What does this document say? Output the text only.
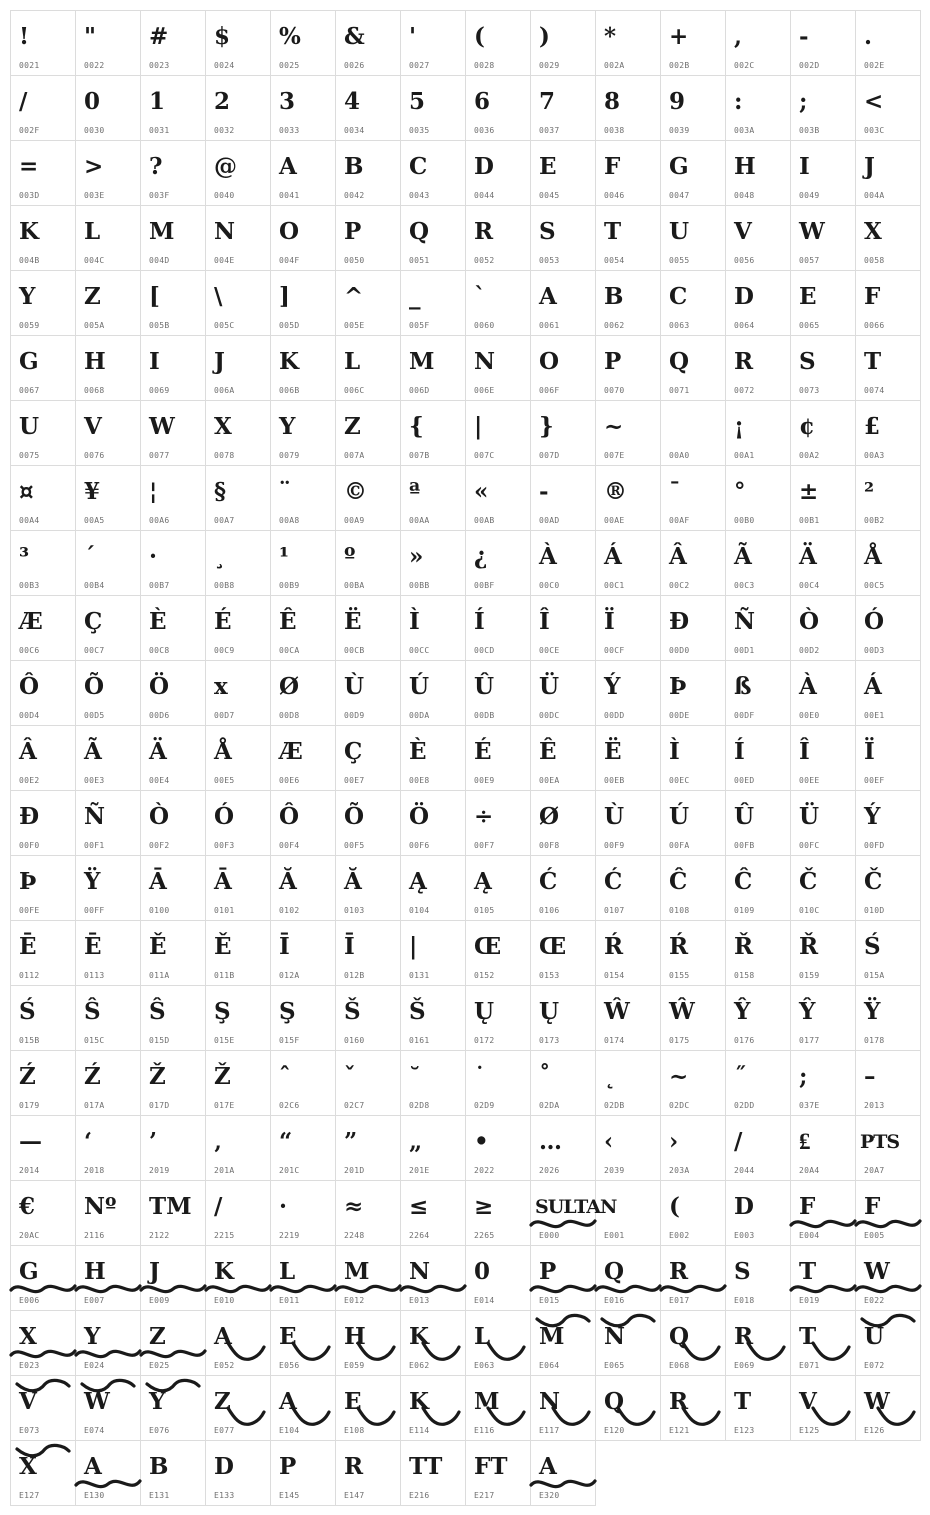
!
0021
"
0022
#
0023
$
0024
%
0025
&
0026
'
0027
(
0028
)
0029
*
002A
+
002B
,
002C
-
002D
.
002E
/
002F
0
0030
1
0031
2
0032
3
0033
4
0034
5
0035
6
0036
7
0037
8
0038
9
0039
:
003A
;
003B
<
003C
=
003D
>
003E
?
003F
@
0040
A
0041
B
0042
C
0043
D
0044
E
0045
F
0046
G
0047
H
0048
I
0049
J
004A
K
004B
L
004C
M
004D
N
004E
O
004F
P
0050
Q
0051
R
0052
S
0053
T
0054
U
0055
V
0056
W
0057
X
0058
Y
0059
Z
005A
[
005B
\
005C
]
005D
^
005E
_
005F
`
0060
A
0061
B
0062
C
0063
D
0064
E
0065
F
0066
G
0067
H
0068
I
0069
J
006A
K
006B
L
006C
M
006D
N
006E
O
006F
P
0070
Q
0071
R
0072
S
0073
T
0074
U
0075
V
0076
W
0077
X
0078
Y
0079
Z
007A
{
007B
|
007C
}
007D
~
007E	00A0
¡
00A1
¢
00A2
£
00A3
¤
00A4
¥
00A5
¦
00A6
§
00A7
¨
00A8
©
00A9
ª
00AA
«
00AB
-
00AD
®
00AE
¯
00AF
°
00B0
±
00B1
²
00B2
³
00B3
´
00B4
·
00B7
¸
00B8
¹
00B9
º
00BA
»
00BB
¿
00BF
À
00C0
Á
00C1
Â
00C2
Ã
00C3
Ä
00C4
Å
00C5
Æ
00C6
Ç
00C7
È
00C8
É
00C9
Ê
00CA
Ë
00CB
Ì
00CC
Í
00CD
Î
00CE
Ï
00CF
Đ
00D0
Ñ
00D1
Ò
00D2
Ó
00D3
Ô
00D4
Õ
00D5
Ö
00D6
x
00D7
Ø
00D8
Ù
00D9
Ú
00DA
Û
00DB
Ü
00DC
Ý
00DD
Þ
00DE
ß
00DF
À
00E0
Á
00E1
Â
00E2
Ã
00E3
Ä
00E4
Å
00E5
Æ
00E6
Ç
00E7
È
00E8
É
00E9
Ê
00EA
Ë
00EB
Ì
00EC
Í
00ED
Î
00EE
Ï
00EF
Đ
00F0
Ñ
00F1
Ò
00F2
Ó
00F3
Ô
00F4
Õ
00F5
Ö
00F6
÷
00F7
Ø
00F8
Ù
00F9
Ú
00FA
Û
00FB
Ü
00FC
Ý
00FD
Þ
00FE
Ÿ
00FF
Ā
0100
Ā
0101
Ă
0102
Ă
0103
Ą
0104
Ą
0105
Ć
0106
Ć
0107
Ĉ
0108
Ĉ
0109
Č
010C
Č
010D
Ē
0112
Ē
0113
Ě
011A
Ě
011B
Ī
012A
Ī
012B
|
0131
Œ
0152
Œ
0153
Ŕ
0154
Ŕ
0155
Ř
0158
Ř
0159
Ś
015A
Ś
015B
Ŝ
015C
Ŝ
015D
Ş
015E
Ş
015F
Š
0160
Š
0161
Ų
0172
Ų
0173
Ŵ
0174
Ŵ
0175
Ŷ
0176
Ŷ
0177
Ÿ
0178
Ź
0179
Ź
017A
Ž
017D
Ž
017E
ˆ
02C6
ˇ
02C7
˘
02D8
˙
02D9
˚
02DA
˛
02DB
~
02DC
˝
02DD
;
037E
–
2013
—
2014
‘
2018
’
2019
‚
201A
“
201C
”
201D
„
201E
•
2022
…
2026
‹
2039
›
203A
/
2044
₤
20A4
PTS
20A7
€
20AC
Nº
2116
TM
2122
/
2215
·
2219
≈
2248
≤
2264
≥
2265
SULTAN
E000	E001
(
E002
D
E003
F
E004
F
E005
G
E006
H
E007
J
E009
K
E010
L
E011
M
E012
N
E013
0
E014
P
E015
Q
E016
R
E017
S
E018
T
E019
W
E022
X
E023
Y
E024
Z
E025
A
E052
E
E056
H
E059
K
E062
L
E063
M
E064
N
E065
Q
E068
R
E069
T
E071
U
E072
V
E073
W
E074
Y
E076
Z
E077
A
E104
E
E108
K
E114
M
E116
N
E117
Q
E120
R
E121
T
E123
V
E125
W
E126
X
E127
A
E130
B
E131
D
E133
P
E145
R
E147
TT
E216
FT
E217
A
E320
